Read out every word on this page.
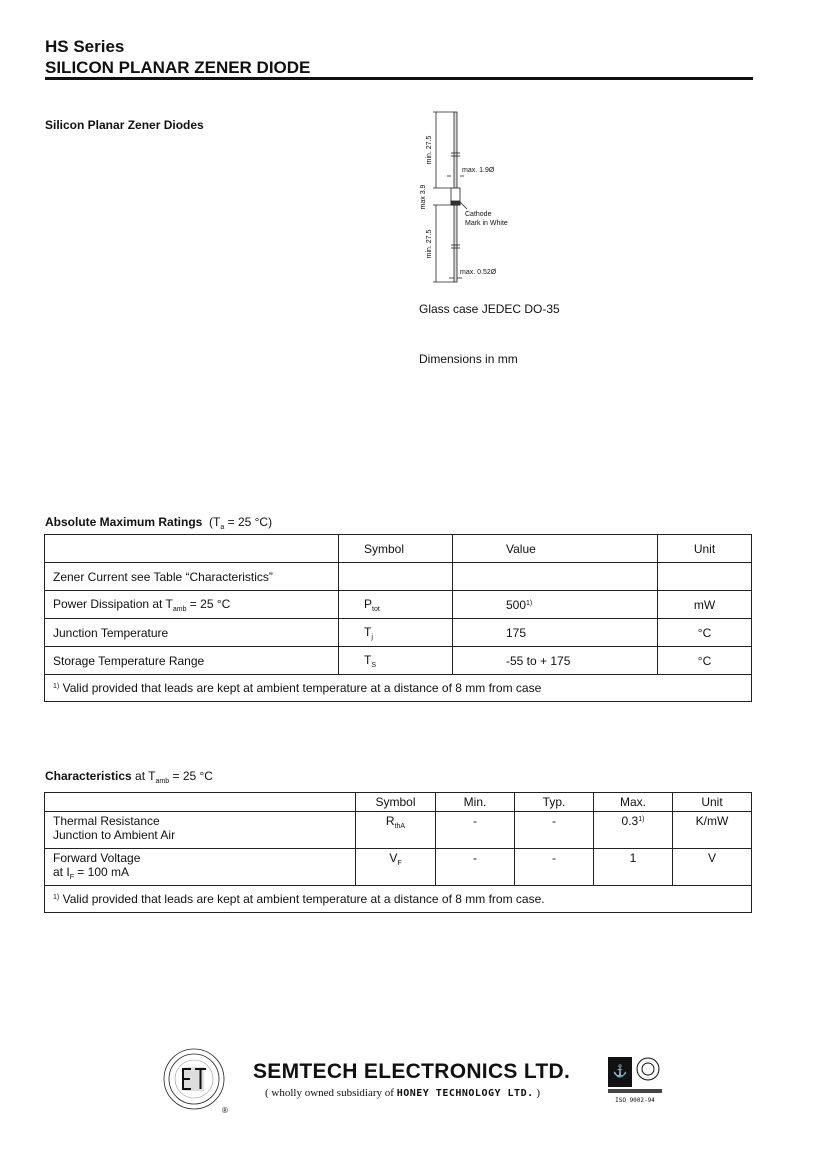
HS Series
SILICON PLANAR ZENER DIODE
Silicon Planar Zener Diodes
min. 27.5
min. 27.5
max 3.9
max. 1.9Ø
Cathode
Mark in White
max. 0.52Ø
Glass case JEDEC DO-35
Dimensions in mm
Absolute Maximum Ratings ($T_a = 25$ °C)
	Symbol	Value	Unit
Zener Current see Table “Characteristics”			
Power Dissipation at $T_{amb} = 25$ °C	$P_{tot}$	500$^{1)}$	mW
Junction Temperature	$T_j$	175	°C
Storage Temperature Range	$T_S$	-55 to + 175	°C
$^{1)}$ Valid provided that leads are kept at ambient temperature at a distance of 8 mm from case			
Characteristics at $T_{amb} = 25$ °C
	Symbol	Min.	Typ.	Max.	Unit

Thermal Resistance
Junction to Ambient Air	$R_{thA}$	-	-	0.3$^{1)}$	K/mW

Forward Voltage
at $I_F = 100$ mA	$V_F$	-	-	1	V
$^{1)}$ Valid provided that leads are kept at ambient temperature at a distance of 8 mm from case.					
®
SEMTECH ELECTRONICS LTD.
( wholly owned subsidiary of HONEY TECHNOLOGY LTD. )
⚓
ISO 9002-94
